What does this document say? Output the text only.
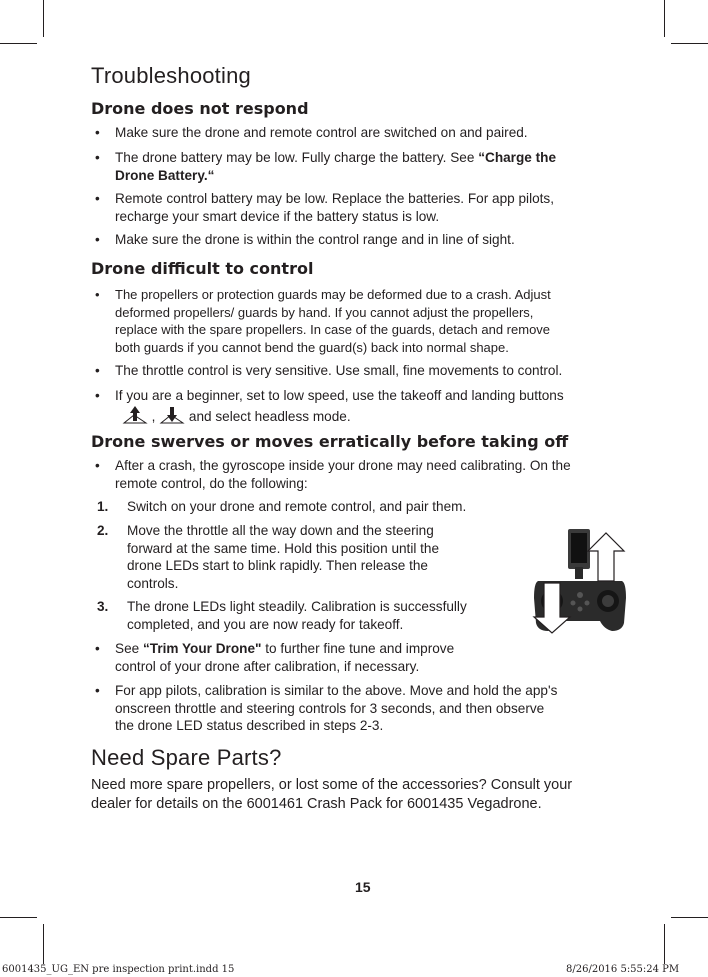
Troubleshooting
Drone does not respond
• Make sure the drone and remote control are switched on and paired.
• The drone battery may be low. Fully charge the battery. See “Charge the
Drone Battery.“
• Remote control battery may be low. Replace the batteries. For app pilots,
recharge your smart device if the battery status is low.
• Make sure the drone is within the control range and in line of sight.
Drone difficult to control
• The propellers or protection guards may be deformed due to a crash. Adjust
deformed propellers/ guards by hand. If you cannot adjust the propellers,
replace with the spare propellers. In case of the guards, detach and remove
both guards if you cannot bend the guard(s) back into normal shape.
• The throttle control is very sensitive. Use small, fine movements to control.
• If you are a beginner, set to low speed, use the takeoff and landing buttons
, and select headless mode.
Drone swerves or moves erratically before taking off
• After a crash, the gyroscope inside your drone may need calibrating. On the
remote control, do the following:
1. Switch on your drone and remote control, and pair them.
2. Move the throttle all the way down and the steering
forward at the same time. Hold this position until the
drone LEDs start to blink rapidly. Then release the
controls.
3. The drone LEDs light steadily. Calibration is successfully
completed, and you are now ready for takeoff.
• See “Trim Your Drone" to further fine tune and improve
control of your drone after calibration, if necessary.
• For app pilots, calibration is similar to the above. Move and hold the app's
onscreen throttle and steering controls for 3 seconds, and then observe
the drone LED status described in steps 2-3.
Need Spare Parts?
Need more spare propellers, or lost some of the accessories? Consult your
dealer for details on the 6001461 Crash Pack for 6001435 Vegadrone.
15
6001435_UG_EN pre inspection print.indd 15	8/26/2016 5:55:24 PM
